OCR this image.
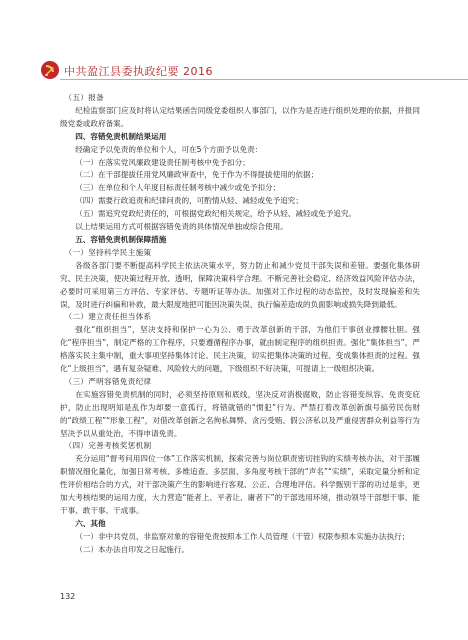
中共盈江县委执政纪要 2016

（五）报备

纪检监察部门应及时将认定结果函告同级党委组织人事部门，以作为是否进行组织处理的依据，并报同级党委或政府备案。

四、容错免责机制结果运用

经确定予以免责的单位和个人，可在5个方面予以免责：

（一）在落实党风廉政建设责任制考核中免予扣分；

（二）在干部提拔任用党风廉政审查中，免于作为不得提拔使用的依据；

（三）在单位和个人年度目标责任制考核中减少或免予扣分；

（四）需要行政追责和纪律问责的，可酌情从轻、减轻或免予追究；

（五）需追究党政纪责任的，可根据党政纪相关规定，给予从轻、减轻或免予追究。

以上结果运用方式可根据容错免责的具体情况单独或综合使用。

五、容错免责机制保障措施

（一）坚持科学民主施策

各级各部门要不断提高科学民主依法决策水平，努力防止和减少党员干部失误和差错。要强化集体研究、民主决策，使决策过程开放、透明，保障决策科学合理。不断完善社会稳定、经济效益风险评估办法，必要时可采用第三方评估、专家评估、专题听证等办法。加强对工作过程的动态监控，及时发现偏差和失误，及时进行纠偏和补救，最大限度地把可能因决策失误、执行偏差造成的负面影响或损失降到最低。

（二）建立责任担当体系

强化“组织担当”，坚决支持和保护一心为公、勇于改革创新的干部，为他们干事创业撑腰壮胆。强化“程序担当”，制定严格的工作程序，只要遵循程序办事，就由制定程序的组织担责。强化“集体担当”，严格落实民主集中制，重大事项坚持集体讨论、民主决策，切实把集体决策的过程、变成集体担责的过程。强化“上级担当”，遇有复杂疑难、风险较大的问题，下级组织不好决策，可提请上一级组织决策。

（三）严明容错免责纪律

在实施容错免责机制的同时，必须坚持原则和底线，坚决反对消极腐败，防止容错变纵容、免责变庇护，防止出现明知是乱作为却要一意孤行，将错就错的“惯犯”行为。严禁打着改革创新旗号搞劳民伤财的“政绩工程”“形象工程”，对借改革创新之名徇私舞弊、贪污受贿、假公济私以及严重侵害群众利益等行为坚决予以从重处治，不得申请免责。

（四）完善考核奖惩机制

充分运用“督考问用四位一体”工作落实机制，探索完善与岗位职责密切挂钩的实绩考核办法，对干部履职情况细化量化，加强日常考核、多维追查、多层面、多角度考核干部的“声名”“实绩”，采取定量分析和定性评价相结合的方式，对干部决策产生的影响进行客观、公正、合理地评估。科学甄别干部的功过是非，更加大考核结果的运用力度，大力营造“能者上、平者让、庸者下”的干部选用环境，推动领导干部想干事、能干事、敢干事、干成事。

六、其他

（一）非中共党员、非监察对象的容错免责按照本工作人员管理（干管）权限参照本实施办法执行；

（二）本办法自印发之日起施行。

132
